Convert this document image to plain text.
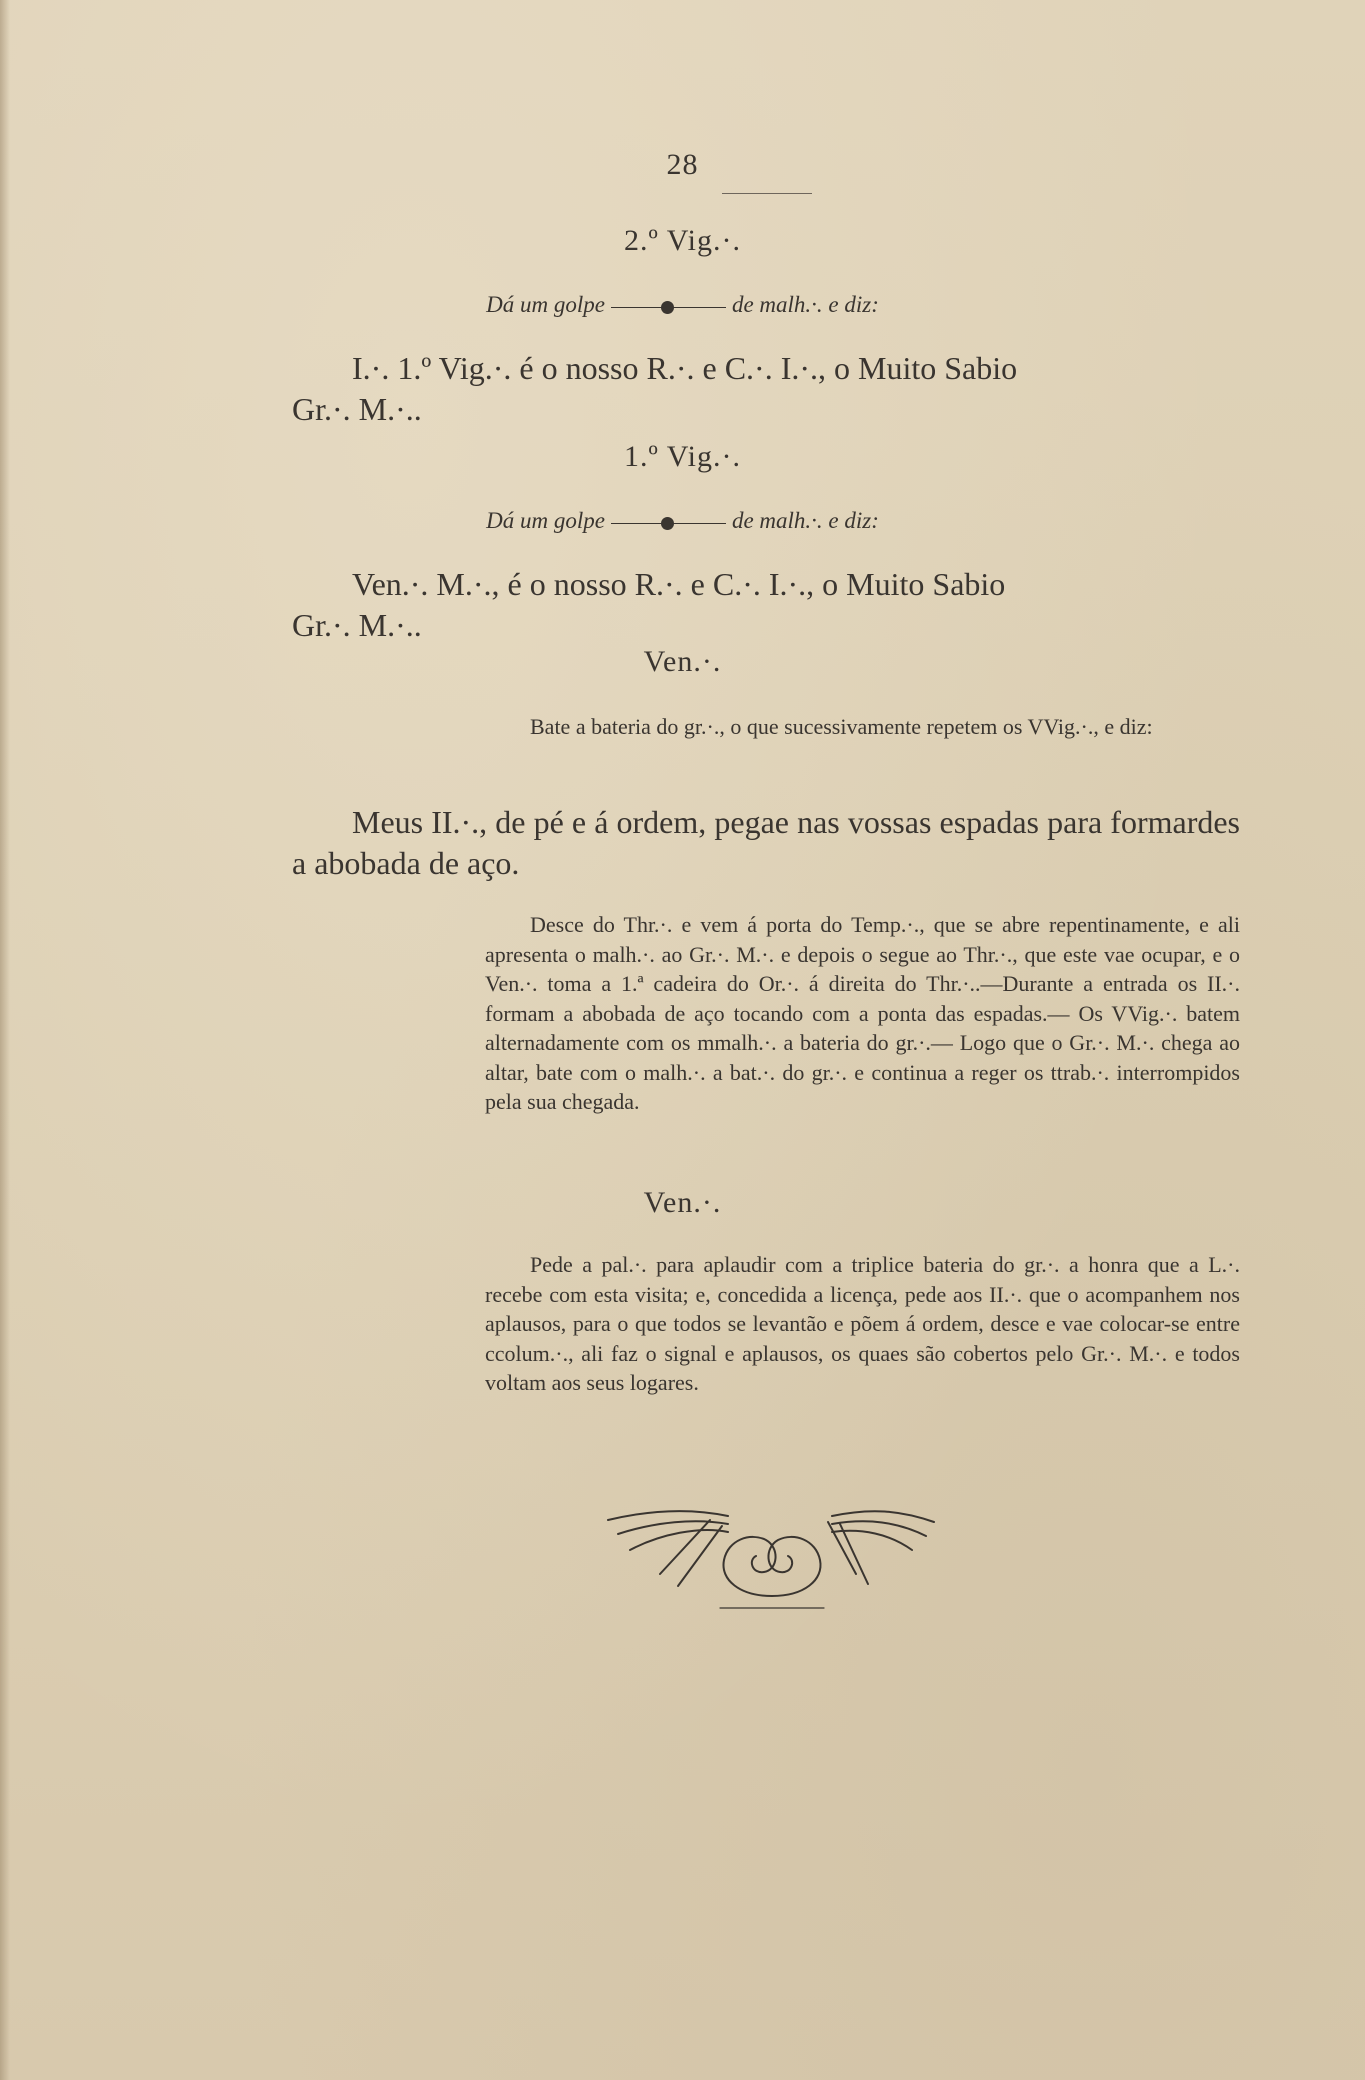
28
2.º Vig.·.
Dá um golpe	de malh.·. e diz:
I.·. 1.º Vig.·. é o nosso R.·. e C.·. I.·., o Muito Sabio
Gr.·. M.·..
1.º Vig.·.
Dá um golpe	de malh.·. e diz:
Ven.·. M.·., é o nosso R.·. e C.·. I.·., o Muito Sabio
Gr.·. M.·..
Ven.·.

Bate a bateria do gr.·., o que sucessivamente repetem os VVig.·., e diz:

Meus II.·., de pé e á ordem, pegae nas vossas espadas para formardes a abobada de aço.

Desce do Thr.·. e vem á porta do Temp.·., que se abre repentinamente, e ali apresenta o malh.·. ao Gr.·. M.·. e depois o segue ao Thr.·., que este vae ocupar, e o Ven.·. toma a 1.ª cadeira do Or.·. á direita do Thr.·..—Durante a entrada os II.·. formam a abobada de aço tocando com a ponta das espadas.— Os VVig.·. batem alternadamente com os mmalh.·. a bateria do gr.·.— Logo que o Gr.·. M.·. chega ao altar, bate com o malh.·. a bat.·. do gr.·. e continua a reger os ttrab.·. interrompidos pela sua chegada.

Ven.·.

Pede a pal.·. para aplaudir com a triplice bateria do gr.·. a honra que a L.·. recebe com esta visita; e, concedida a licença, pede aos II.·. que o acompanhem nos aplausos, para o que todos se levantão e põem á ordem, desce e vae colocar-se entre ccolum.·., ali faz o signal e aplausos, os quaes são cobertos pelo Gr.·. M.·. e todos voltam aos seus logares.
